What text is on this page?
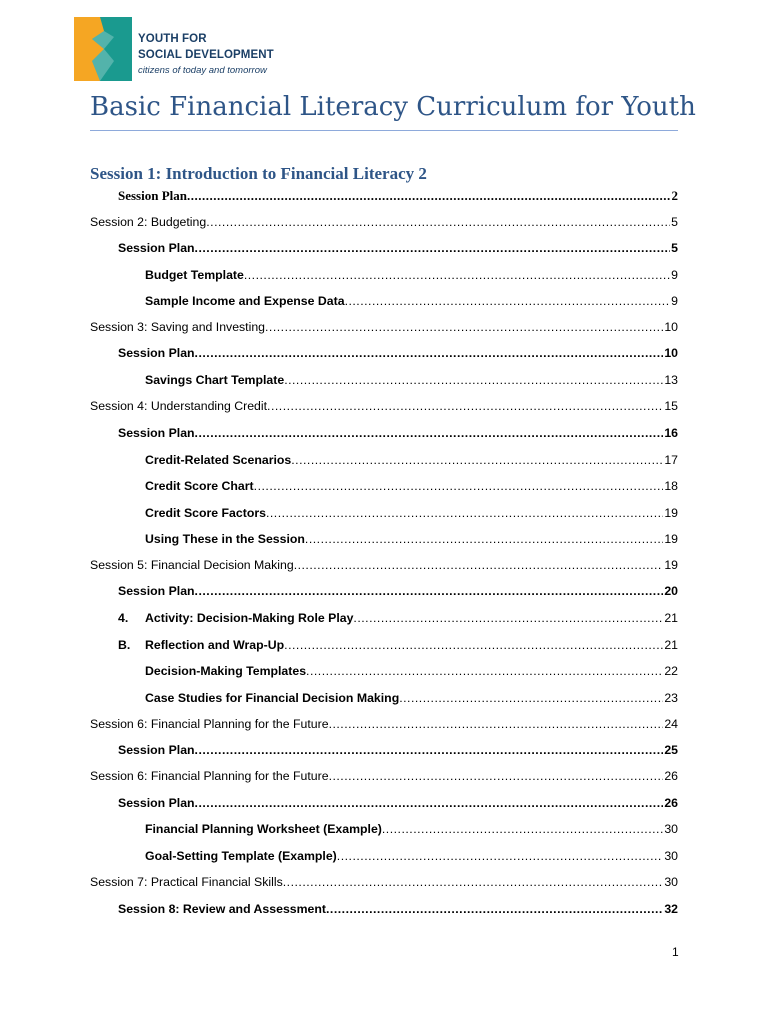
YOUTH FOR
SOCIAL DEVELOPMENT
citizens of today and tomorrow
Basic Financial Literacy Curriculum for Youth
Session 1: Introduction to Financial Literacy 2
Session Plan .....	2
Session 2: Budgeting .....	5
Session Plan .....	5
Budget Template .....	9
Sample Income and Expense Data .....	9
Session 3: Saving and Investing .....	10
Session Plan .....	10
Savings Chart Template .....	13
Session 4: Understanding Credit .....	15
Session Plan .....	16
Credit-Related Scenarios .....	17
Credit Score Chart .....	18
Credit Score Factors .....	19
Using These in the Session .....	19
Session 5: Financial Decision Making .....	19
Session Plan .....	20
4.	Activity: Decision-Making Role Play .....	21
B.	Reflection and Wrap-Up .....	21
Decision-Making Templates .....	22
Case Studies for Financial Decision Making .....	23
Session 6: Financial Planning for the Future .....	24
Session Plan .....	25
Session 6: Financial Planning for the Future .....	26
Session Plan .....	26
Financial Planning Worksheet (Example) .....	30
Goal-Setting Template (Example) .....	30
Session 7: Practical Financial Skills .....	30
Session 8: Review and Assessment .....	32
1
